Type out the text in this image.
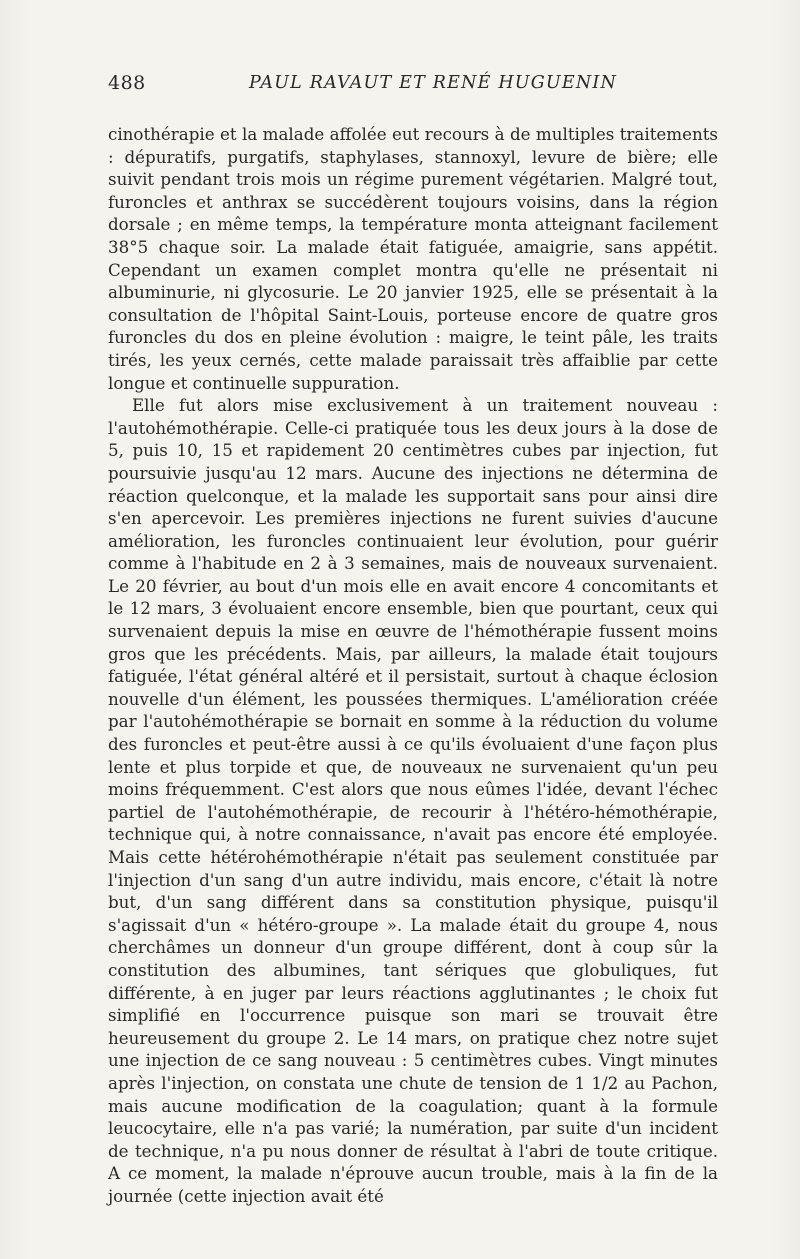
488	PAUL RAVAUT ET RENÉ HUGUENIN

cinothérapie et la malade affolée eut recours à de multiples traitements : dépuratifs, purgatifs, staphylases, stannoxyl, levure de bière; elle suivit pendant trois mois un régime purement végétarien. Malgré tout, furoncles et anthrax se succédèrent toujours voisins, dans la région dorsale ; en même temps, la température monta atteignant facilement 38°5 chaque soir. La malade était fatiguée, amaigrie, sans appétit. Cependant un examen complet montra qu'elle ne présentait ni albuminurie, ni glycosurie. Le 20 janvier 1925, elle se présentait à la consultation de l'hôpital Saint-Louis, porteuse encore de quatre gros furoncles du dos en pleine évolution : maigre, le teint pâle, les traits tirés, les yeux cernés, cette malade paraissait très affaiblie par cette longue et continuelle suppuration.

Elle fut alors mise exclusivement à un traitement nouveau : l'autohémothérapie. Celle-ci pratiquée tous les deux jours à la dose de 5, puis 10, 15 et rapidement 20 centimètres cubes par injection, fut poursuivie jusqu'au 12 mars. Aucune des injections ne détermina de réaction quelconque, et la malade les supportait sans pour ainsi dire s'en apercevoir. Les premières injections ne furent suivies d'aucune amélioration, les furoncles continuaient leur évolution, pour guérir comme à l'habitude en 2 à 3 semaines, mais de nouveaux survenaient. Le 20 février, au bout d'un mois elle en avait encore 4 concomitants et le 12 mars, 3 évoluaient encore ensemble, bien que pourtant, ceux qui survenaient depuis la mise en œuvre de l'hémothérapie fussent moins gros que les précédents. Mais, par ailleurs, la malade était toujours fatiguée, l'état général altéré et il persistait, surtout à chaque éclosion nouvelle d'un élément, les poussées thermiques. L'amélioration créée par l'autohémothérapie se bornait en somme à la réduction du volume des furoncles et peut-être aussi à ce qu'ils évoluaient d'une façon plus lente et plus torpide et que, de nouveaux ne survenaient qu'un peu moins fréquemment. C'est alors que nous eûmes l'idée, devant l'échec partiel de l'autohémothérapie, de recourir à l'hétéro-hémothérapie, technique qui, à notre connaissance, n'avait pas encore été employée. Mais cette hétérohémothérapie n'était pas seulement constituée par l'injection d'un sang d'un autre individu, mais encore, c'était là notre but, d'un sang différent dans sa constitution physique, puisqu'il s'agissait d'un « hétéro-groupe ». La malade était du groupe 4, nous cherchâmes un donneur d'un groupe différent, dont à coup sûr la constitution des albumines, tant sériques que globuliques, fut différente, à en juger par leurs réactions agglutinantes ; le choix fut simplifié en l'occurrence puisque son mari se trouvait être heureusement du groupe 2. Le 14 mars, on pratique chez notre sujet une injection de ce sang nouveau : 5 centimètres cubes. Vingt minutes après l'injection, on constata une chute de tension de 1 1/2 au Pachon, mais aucune modification de la coagulation; quant à la formule leucocytaire, elle n'a pas varié; la numération, par suite d'un incident de technique, n'a pu nous donner de résultat à l'abri de toute critique. A ce moment, la malade n'éprouve aucun trouble, mais à la fin de la journée (cette injection avait été
